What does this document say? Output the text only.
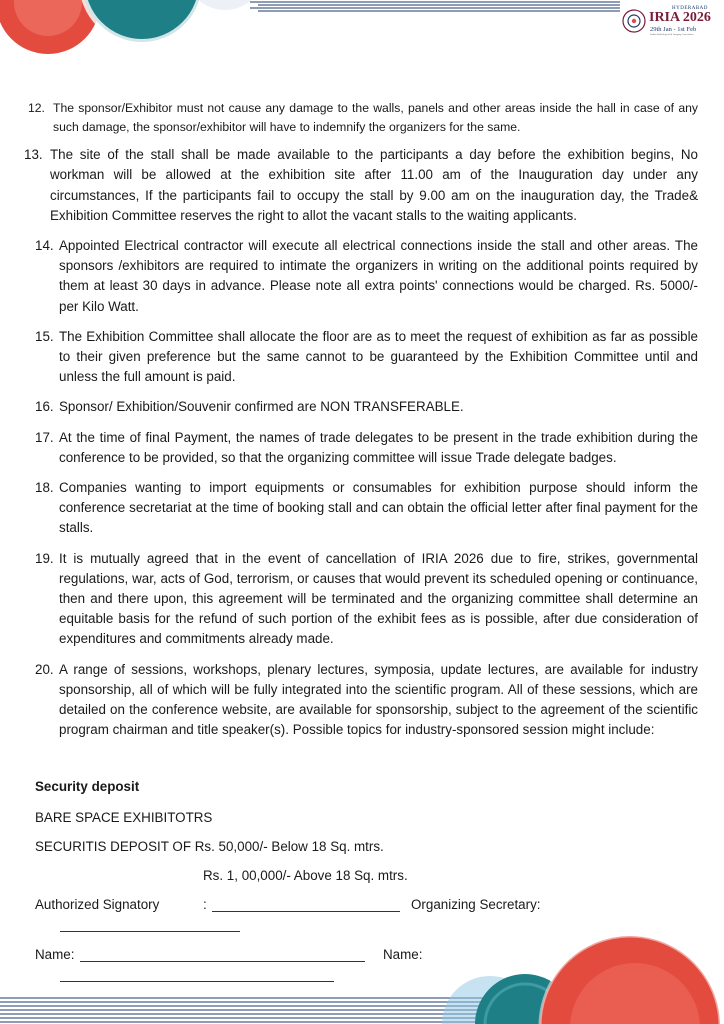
HYDERABAD
IRIA 2026
29th Jan - 1st Feb
Indian Radiological & Imaging Association
12. The sponsor/Exhibitor must not cause any damage to the walls, panels and other areas inside the hall in case of any such damage, the sponsor/exhibitor will have to indemnify the organizers for the same.
13. The site of the stall shall be made available to the participants a day before the exhibition begins, No workman will be allowed at the exhibition site after 11.00 am of the Inauguration day under any circumstances, If the participants fail to occupy the stall by 9.00 am on the inauguration day, the Trade& Exhibition Committee reserves the right to allot the vacant stalls to the waiting applicants.
14. Appointed Electrical contractor will execute all electrical connections inside the stall and other areas. The sponsors /exhibitors are required to intimate the organizers in writing on the additional points required by them at least 30 days in advance. Please note all extra points' connections would be charged. Rs. 5000/- per Kilo Watt.
15. The Exhibition Committee shall allocate the floor are as to meet the request of exhibition as far as possible to their given preference but the same cannot to be guaranteed by the Exhibition Committee until and unless the full amount is paid.
16. Sponsor/ Exhibition/Souvenir confirmed are NON TRANSFERABLE.
17. At the time of final Payment, the names of trade delegates to be present in the trade exhibition during the conference to be provided, so that the organizing committee will issue Trade delegate badges.
18. Companies wanting to import equipments or consumables for exhibition purpose should inform the conference secretariat at the time of booking stall and can obtain the official letter after final payment for the stalls.
19. It is mutually agreed that in the event of cancellation of IRIA 2026 due to fire, strikes, governmental regulations, war, acts of God, terrorism, or causes that would prevent its scheduled opening or continuance, then and there upon, this agreement will be terminated and the organizing committee shall determine an equitable basis for the refund of such portion of the exhibit fees as is possible, after due consideration of expenditures and commitments already made.
20. A range of sessions, workshops, plenary lectures, symposia, update lectures, are available for industry sponsorship, all of which will be fully integrated into the scientific program. All of these sessions, which are detailed on the conference website, are available for sponsorship, subject to the agreement of the scientific program chairman and title speaker(s). Possible topics for industry-sponsored session might include:
Security deposit
BARE SPACE EXHIBITOTRS
SECURITIS DEPOSIT OF Rs. 50,000/- Below 18 Sq. mtrs.
Rs. 1, 00,000/- Above 18 Sq. mtrs.
Authorized Signatory	:	Organizing Secretary:
Name:	Name:
